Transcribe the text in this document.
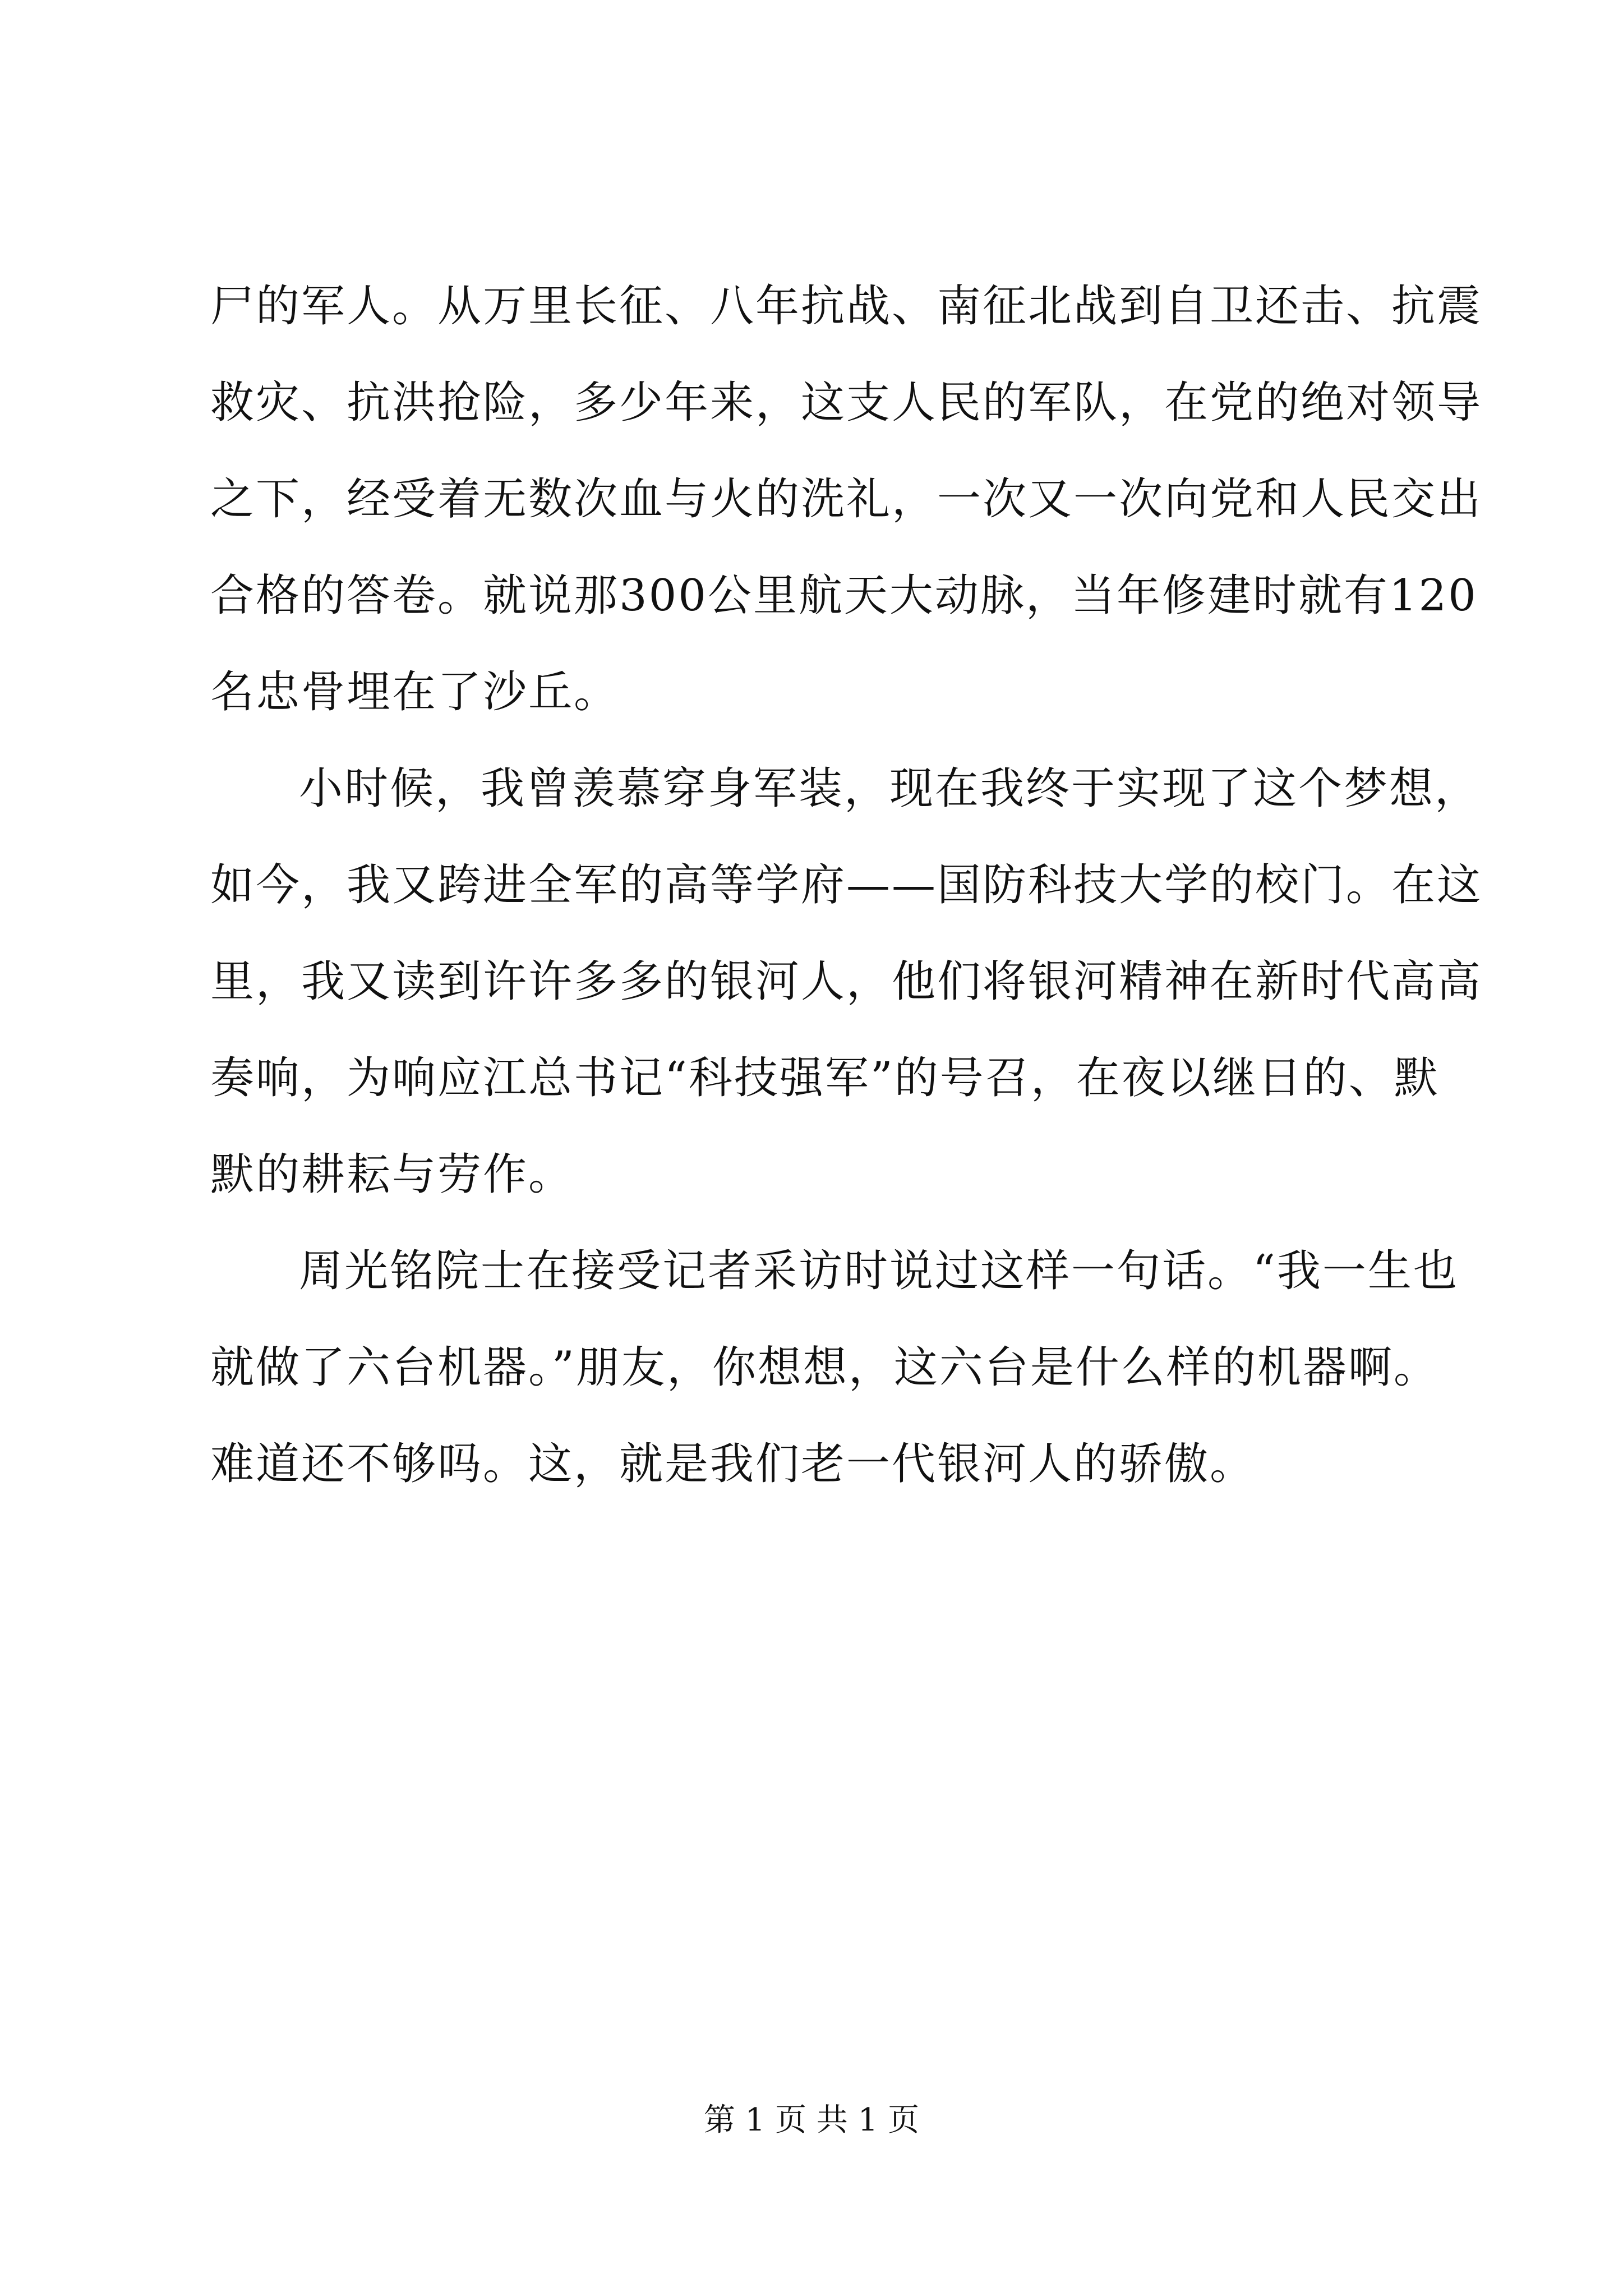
尸的军人。从万里长征、八年抗战、南征北战到自卫还击、抗震
救灾、抗洪抢险，多少年来，这支人民的军队，在党的绝对领导
之下，经受着无数次血与火的洗礼，一次又一次向党和人民交出
合格的答卷。就说那300公里航天大动脉，当年修建时就有120
名忠骨埋在了沙丘。
小时候，我曾羡慕穿身军装，现在我终于实现了这个梦想，
如今，我又跨进全军的高等学府——国防科技大学的校门。在这
里，我又读到许许多多的银河人，他们将银河精神在新时代高高
奏响，为响应江总书记“科技强军”的号召，在夜以继日的、默
默的耕耘与劳作。
周光铭院士在接受记者采访时说过这样一句话。“我一生也
就做了六台机器。”朋友，你想想，这六台是什么样的机器啊。
难道还不够吗。这，就是我们老一代银河人的骄傲。
第 1 页 共 1 页
